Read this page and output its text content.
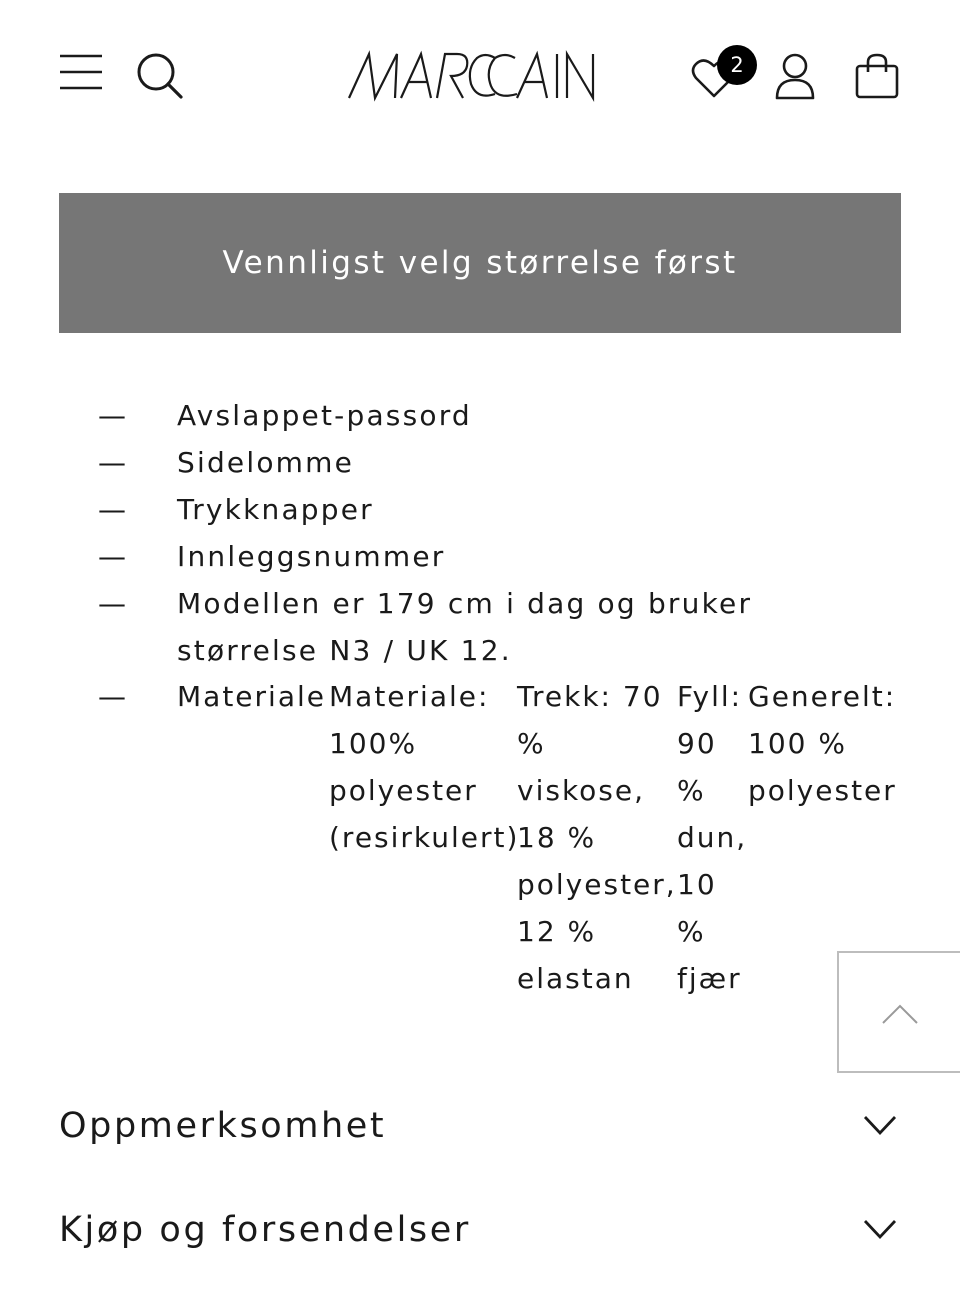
2
Vennligst velg størrelse først
— Avslappet-passord
— Sidelomme
— Trykknapper
— Innleggsnummer
— Modellen er 179 cm i dag og bruker størrelse N3 / UK 12.
— Materiale Materiale:
100%
polyester
(resirkulert)
Trekk: 70
%
viskose,
18 %
polyester,
12 %
elastan
Fyll:
90
%
dun,
10
%
fjær
Generelt:
100 %
polyester
Oppmerksomhet
Kjøp og forsendelser
